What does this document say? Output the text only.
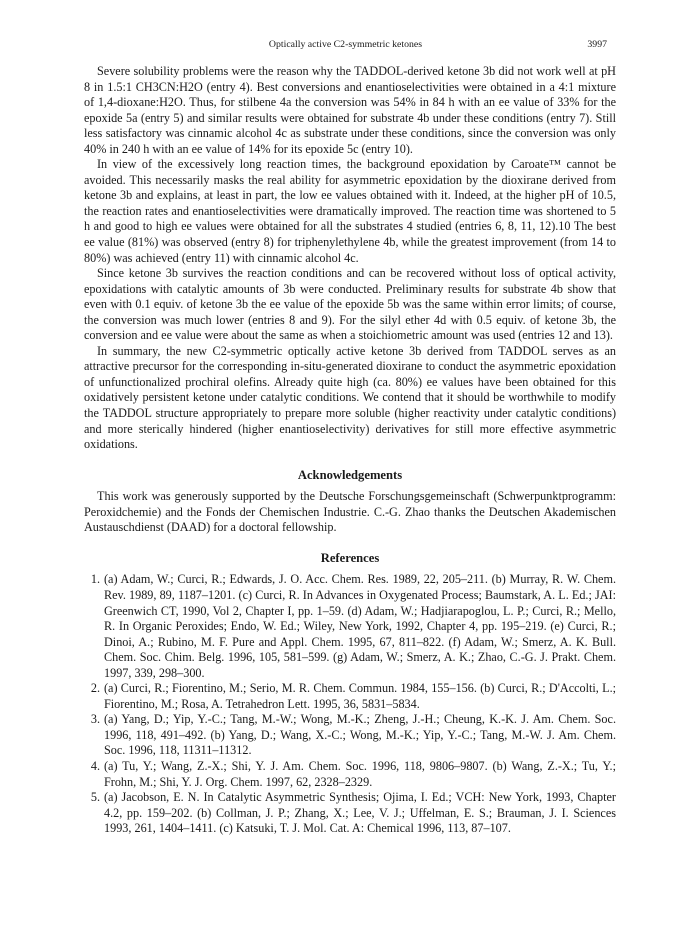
Optically active C2-symmetric ketones	3997

Severe solubility problems were the reason why the TADDOL-derived ketone 3b did not work well at pH 8 in 1.5:1 CH3CN:H2O (entry 4). Best conversions and enantioselectivities were obtained in a 4:1 mixture of 1,4-dioxane:H2O. Thus, for stilbene 4a the conversion was 54% in 84 h with an ee value of 33% for the epoxide 5a (entry 5) and similar results were obtained for substrate 4b under these conditions (entry 7). Still less satisfactory was cinnamic alcohol 4c as substrate under these conditions, since the conversion was only 40% in 240 h with an ee value of 14% for its epoxide 5c (entry 10).

In view of the excessively long reaction times, the background epoxidation by Caroate™ cannot be avoided. This necessarily masks the real ability for asymmetric epoxidation by the dioxirane derived from ketone 3b and explains, at least in part, the low ee values obtained with it. Indeed, at the higher pH of 10.5, the reaction rates and enantioselectivities were dramatically improved. The reaction time was shortened to 5 h and good to high ee values were obtained for all the substrates 4 studied (entries 6, 8, 11, 12).10 The best ee value (81%) was observed (entry 8) for triphenylethylene 4b, while the greatest improvement (from 14 to 80%) was achieved (entry 11) with cinnamic alcohol 4c.

Since ketone 3b survives the reaction conditions and can be recovered without loss of optical activity, epoxidations with catalytic amounts of 3b were conducted. Preliminary results for substrate 4b show that even with 0.1 equiv. of ketone 3b the ee value of the epoxide 5b was the same within error limits; of course, the conversion was much lower (entries 8 and 9). For the silyl ether 4d with 0.5 equiv. of ketone 3b, the conversion and ee value were about the same as when a stoichiometric amount was used (entries 12 and 13).

In summary, the new C2-symmetric optically active ketone 3b derived from TADDOL serves as an attractive precursor for the corresponding in-situ-generated dioxirane to conduct the asymmetric epoxidation of unfunctionalized prochiral olefins. Already quite high (ca. 80%) ee values have been obtained for this oxidatively persistent ketone under catalytic conditions. We contend that it should be worthwhile to modify the TADDOL structure appropriately to prepare more soluble (higher reactivity under catalytic conditions) and more sterically hindered (higher enantioselectivity) derivatives for still more effective asymmetric oxidations.

Acknowledgements

This work was generously supported by the Deutsche Forschungsgemeinschaft (Schwerpunktprogramm: Peroxidchemie) and the Fonds der Chemischen Industrie. C.-G. Zhao thanks the Deutschen Akademischen Austauschdienst (DAAD) for a doctoral fellowship.

References
1. (a) Adam, W.; Curci, R.; Edwards, J. O. Acc. Chem. Res. 1989, 22, 205–211. (b) Murray, R. W. Chem. Rev. 1989, 89, 1187–1201. (c) Curci, R. In Advances in Oxygenated Process; Baumstark, A. L. Ed.; JAI: Greenwich CT, 1990, Vol 2, Chapter I, pp. 1–59. (d) Adam, W.; Hadjiarapoglou, L. P.; Curci, R.; Mello, R. In Organic Peroxides; Endo, W. Ed.; Wiley, New York, 1992, Chapter 4, pp. 195–219. (e) Curci, R.; Dinoi, A.; Rubino, M. F. Pure and Appl. Chem. 1995, 67, 811–822. (f) Adam, W.; Smerz, A. K. Bull. Chem. Soc. Chim. Belg. 1996, 105, 581–599. (g) Adam, W.; Smerz, A. K.; Zhao, C.-G. J. Prakt. Chem. 1997, 339, 298–300.
2. (a) Curci, R.; Fiorentino, M.; Serio, M. R. Chem. Commun. 1984, 155–156. (b) Curci, R.; D'Accolti, L.; Fiorentino, M.; Rosa, A. Tetrahedron Lett. 1995, 36, 5831–5834.
3. (a) Yang, D.; Yip, Y.-C.; Tang, M.-W.; Wong, M.-K.; Zheng, J.-H.; Cheung, K.-K. J. Am. Chem. Soc. 1996, 118, 491–492. (b) Yang, D.; Wang, X.-C.; Wong, M.-K.; Yip, Y.-C.; Tang, M.-W. J. Am. Chem. Soc. 1996, 118, 11311–11312.
4. (a) Tu, Y.; Wang, Z.-X.; Shi, Y. J. Am. Chem. Soc. 1996, 118, 9806–9807. (b) Wang, Z.-X.; Tu, Y.; Frohn, M.; Shi, Y. J. Org. Chem. 1997, 62, 2328–2329.
5. (a) Jacobson, E. N. In Catalytic Asymmetric Synthesis; Ojima, I. Ed.; VCH: New York, 1993, Chapter 4.2, pp. 159–202. (b) Collman, J. P.; Zhang, X.; Lee, V. J.; Uffelman, E. S.; Brauman, J. I. Sciences 1993, 261, 1404–1411. (c) Katsuki, T. J. Mol. Cat. A: Chemical 1996, 113, 87–107.
